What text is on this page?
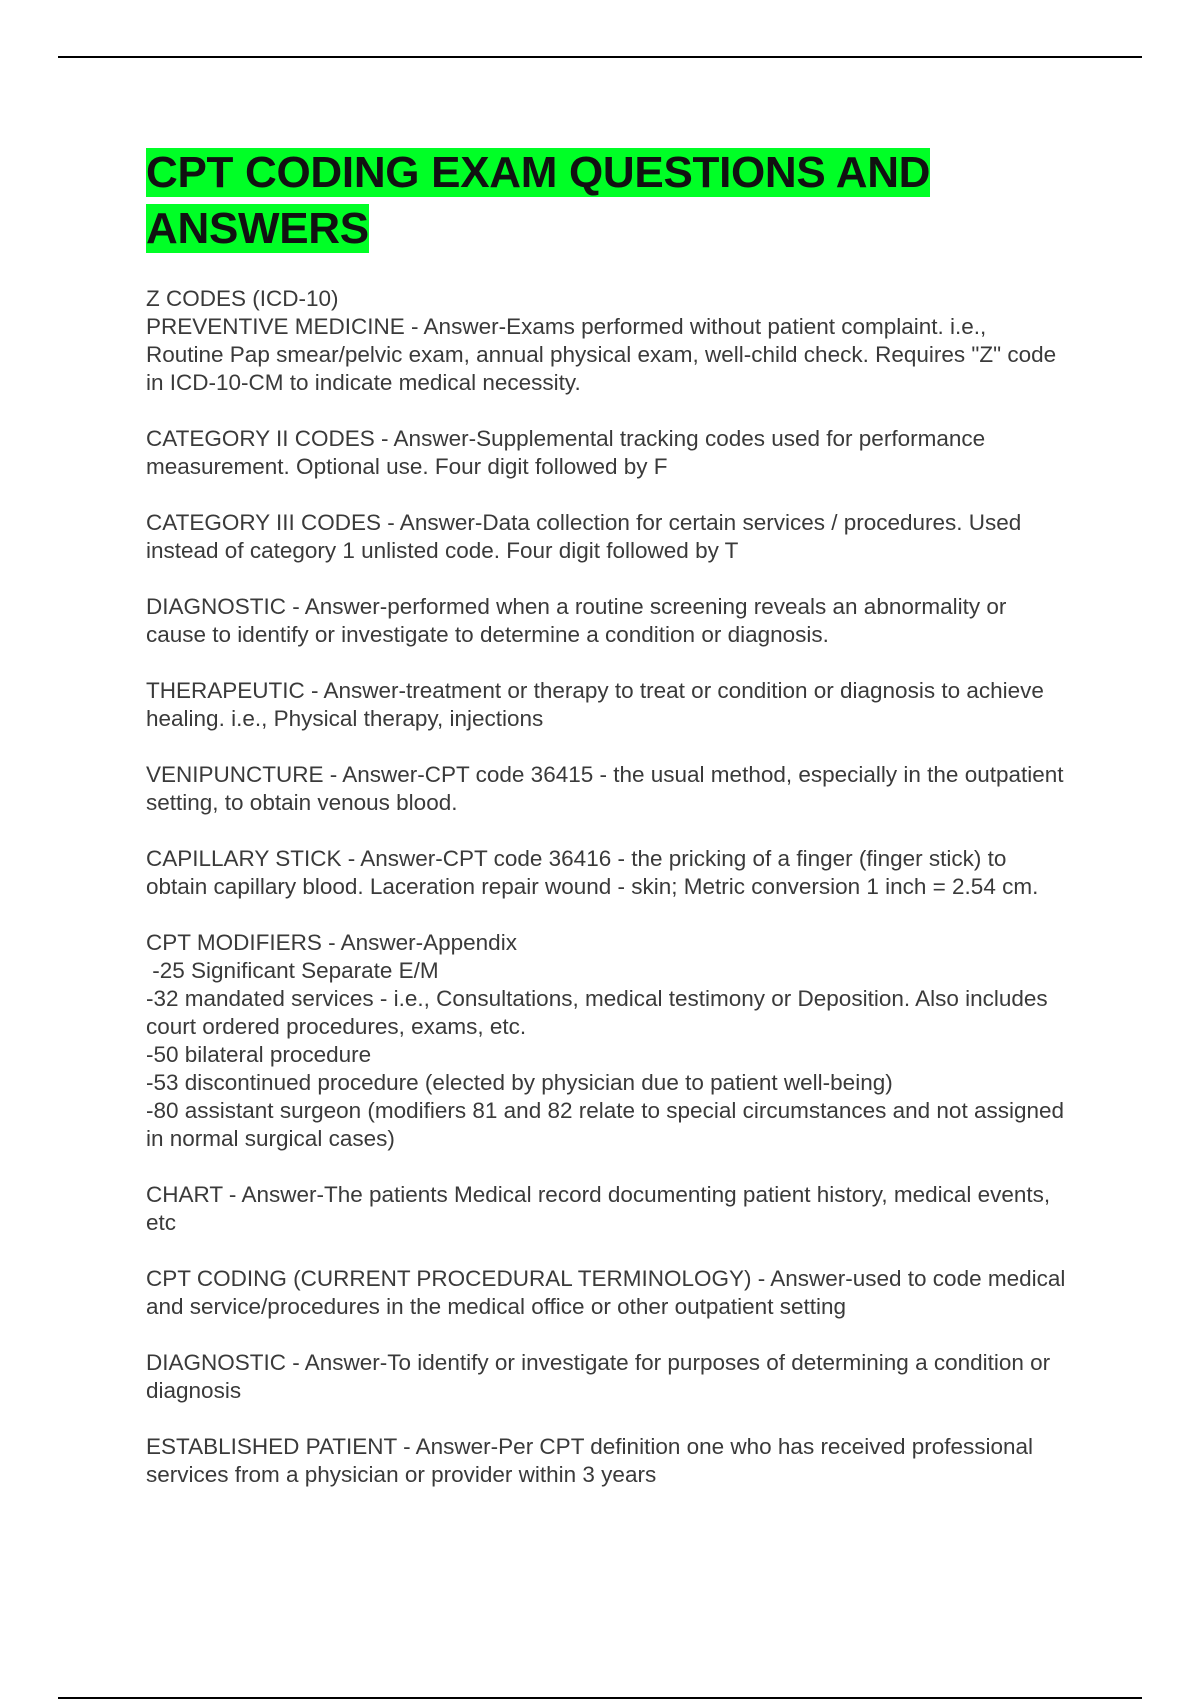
CPT CODING EXAM QUESTIONS AND ANSWERS

Z CODES (ICD-10)
PREVENTIVE MEDICINE - Answer-Exams performed without patient complaint. i.e., Routine Pap smear/pelvic exam, annual physical exam, well-child check. Requires "Z" code in ICD-10-CM to indicate medical necessity.

CATEGORY II CODES - Answer-Supplemental tracking codes used for performance measurement. Optional use. Four digit followed by F

CATEGORY III CODES - Answer-Data collection for certain services / procedures. Used instead of category 1 unlisted code. Four digit followed by T

DIAGNOSTIC - Answer-performed when a routine screening reveals an abnormality or cause to identify or investigate to determine a condition or diagnosis.

THERAPEUTIC - Answer-treatment or therapy to treat or condition or diagnosis to achieve healing. i.e., Physical therapy, injections

VENIPUNCTURE - Answer-CPT code 36415 - the usual method, especially in the outpatient setting, to obtain venous blood.

CAPILLARY STICK - Answer-CPT code 36416 - the pricking of a finger (finger stick) to obtain capillary blood. Laceration repair wound - skin; Metric conversion 1 inch = 2.54 cm.

CPT MODIFIERS - Answer-Appendix
-25 Significant Separate E/M
-32 mandated services - i.e., Consultations, medical testimony or Deposition. Also includes court ordered procedures, exams, etc.
-50 bilateral procedure
-53 discontinued procedure (elected by physician due to patient well-being)
-80 assistant surgeon (modifiers 81 and 82 relate to special circumstances and not assigned in normal surgical cases)

CHART - Answer-The patients Medical record documenting patient history, medical events, etc

CPT CODING (CURRENT PROCEDURAL TERMINOLOGY) - Answer-used to code medical and service/procedures in the medical office or other outpatient setting

DIAGNOSTIC - Answer-To identify or investigate for purposes of determining a condition or diagnosis

ESTABLISHED PATIENT - Answer-Per CPT definition one who has received professional services from a physician or provider within 3 years
